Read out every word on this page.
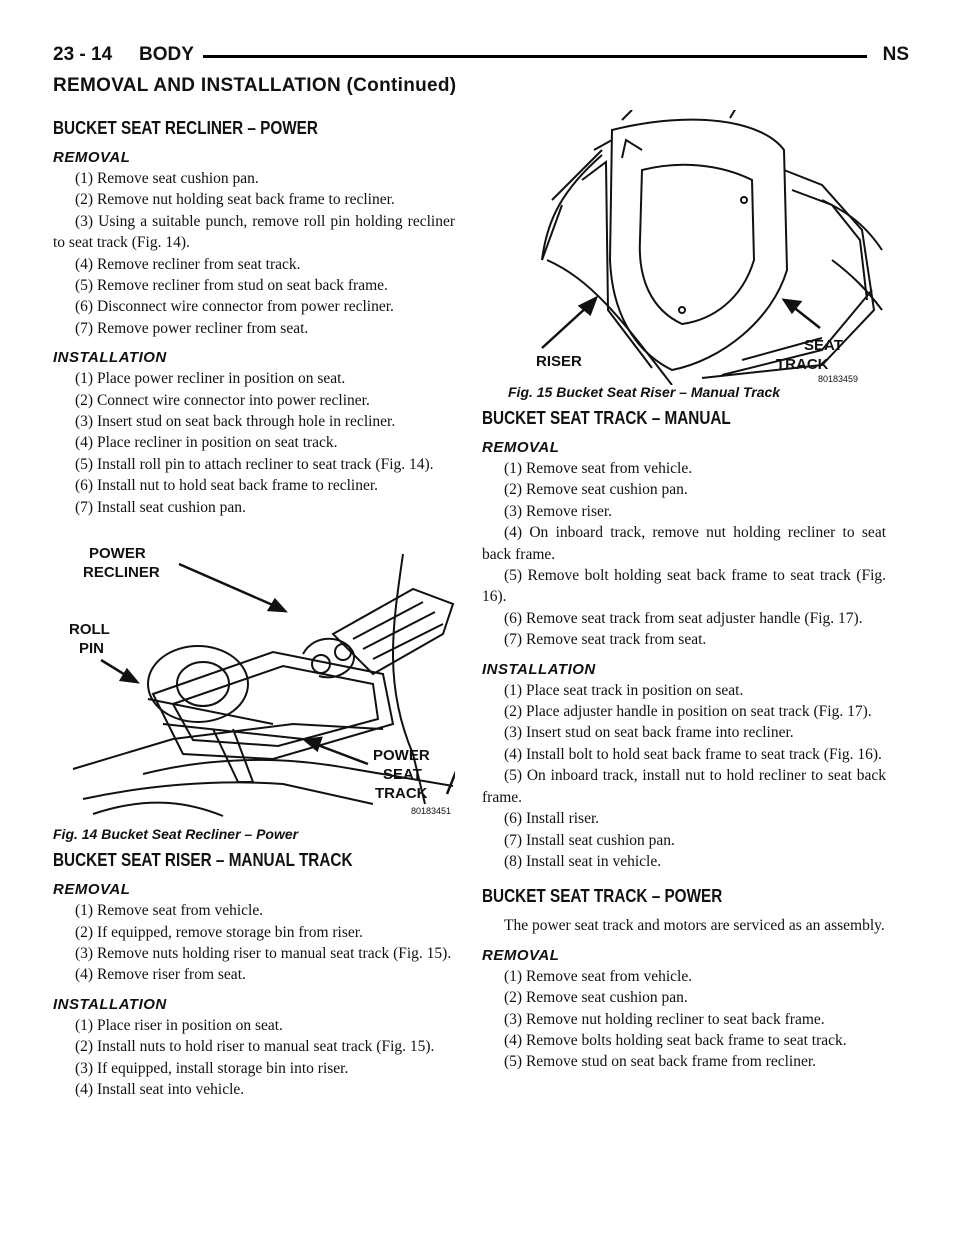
23 - 14 BODY	NS
REMOVAL AND INSTALLATION (Continued)
BUCKET SEAT RECLINER – POWER
REMOVAL

(1) Remove seat cushion pan.

(2) Remove nut holding seat back frame to recliner.

(3) Using a suitable punch, remove roll pin holding recliner to seat track (Fig. 14).

(4) Remove recliner from seat track.

(5) Remove recliner from stud on seat back frame.

(6) Disconnect wire connector from power recliner.

(7) Remove power recliner from seat.

INSTALLATION

(1) Place power recliner in position on seat.

(2) Connect wire connector into power recliner.

(3) Insert stud on seat back through hole in recliner.

(4) Place recliner in position on seat track.

(5) Install roll pin to attach recliner to seat track (Fig. 14).

(6) Install nut to hold seat back frame to recliner.

(7) Install seat cushion pan.

POWER
RECLINER
ROLL
PIN
POWER
SEAT
TRACK
80183451
Fig. 14 Bucket Seat Recliner – Power
BUCKET SEAT RISER – MANUAL TRACK
REMOVAL

(1) Remove seat from vehicle.

(2) If equipped, remove storage bin from riser.

(3) Remove nuts holding riser to manual seat track (Fig. 15).

(4) Remove riser from seat.

INSTALLATION

(1) Place riser in position on seat.

(2) Install nuts to hold riser to manual seat track (Fig. 15).

(3) If equipped, install storage bin into riser.

(4) Install seat into vehicle.

RISER
SEAT
TRACK
80183459
Fig. 15 Bucket Seat Riser – Manual Track
BUCKET SEAT TRACK – MANUAL
REMOVAL

(1) Remove seat from vehicle.

(2) Remove seat cushion pan.

(3) Remove riser.

(4) On inboard track, remove nut holding recliner to seat back frame.

(5) Remove bolt holding seat back frame to seat track (Fig. 16).

(6) Remove seat track from seat adjuster handle (Fig. 17).

(7) Remove seat track from seat.

INSTALLATION

(1) Place seat track in position on seat.

(2) Place adjuster handle in position on seat track (Fig. 17).

(3) Insert stud on seat back frame into recliner.

(4) Install bolt to hold seat back frame to seat track (Fig. 16).

(5) On inboard track, install nut to hold recliner to seat back frame.

(6) Install riser.

(7) Install seat cushion pan.

(8) Install seat in vehicle.

BUCKET SEAT TRACK – POWER

The power seat track and motors are serviced as an assembly.

REMOVAL

(1) Remove seat from vehicle.

(2) Remove seat cushion pan.

(3) Remove nut holding recliner to seat back frame.

(4) Remove bolts holding seat back frame to seat track.

(5) Remove stud on seat back frame from recliner.
